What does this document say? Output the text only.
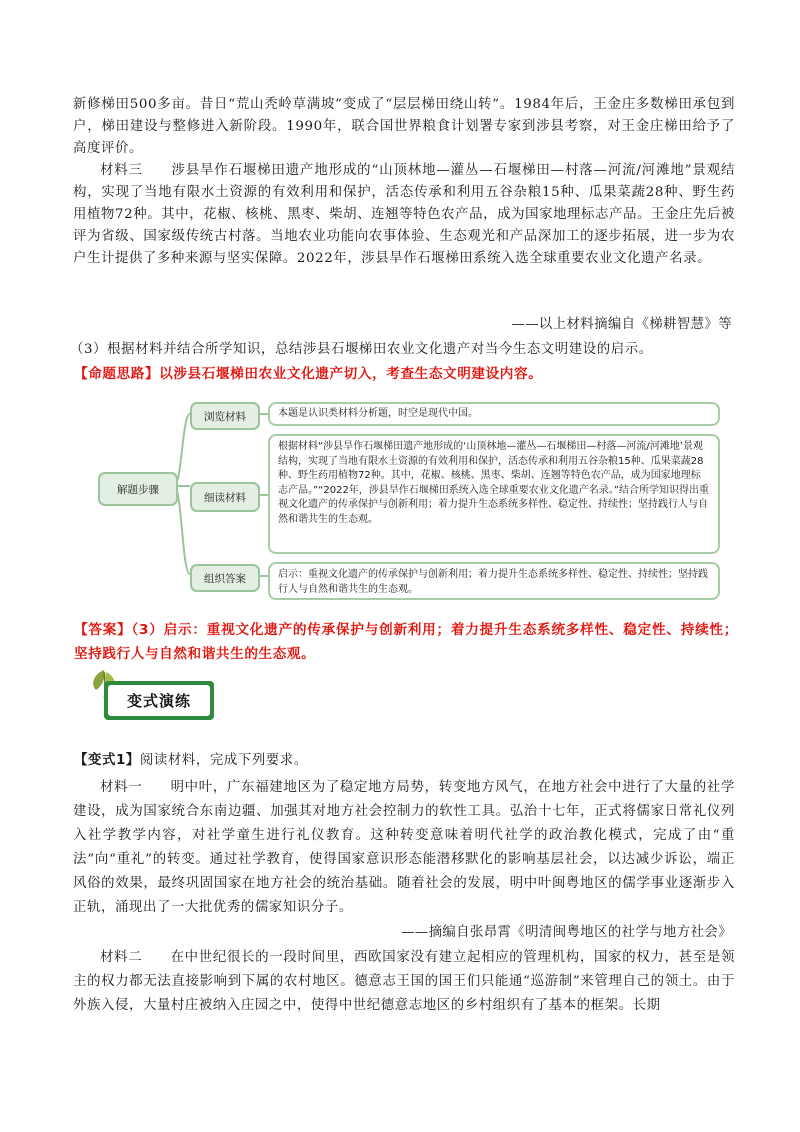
新修梯田500多亩。昔日“荒山秃岭草满坡”变成了“层层梯田绕山转”。1984年后，王金庄多数梯田承包到户，梯田建设与整修进入新阶段。1990年，联合国世界粮食计划署专家到涉县考察，对王金庄梯田给予了高度评价。

材料三　　涉县旱作石堰梯田遗产地形成的“山顶林地—灌丛—石堰梯田—村落—河流/河滩地”景观结构，实现了当地有限水土资源的有效利用和保护，活态传承和利用五谷杂粮15种、瓜果菜蔬28种、野生药用植物72种。其中，花椒、核桃、黑枣、柴胡、连翘等特色农产品，成为国家地理标志产品。王金庄先后被评为省级、国家级传统古村落。当地农业功能向农事体验、生态观光和产品深加工的逐步拓展，进一步为农户生计提供了多种来源与坚实保障。2022年，涉县旱作石堰梯田系统入选全球重要农业文化遗产名录。

——以上材料摘编自《梯耕智慧》等

（3）根据材料并结合所学知识，总结涉县石堰梯田农业文化遗产对当今生态文明建设的启示。

【命题思路】以涉县石堰梯田农业文化遗产切入，考查生态文明建设内容。

解题步骤
浏览材料	本题是认识类材料分析题，时空是现代中国。
细读材料
根据材料“涉县旱作石堰梯田遗产地形成的‘山顶林地—灌丛—石堰梯田—村落—河流/河滩地’景观结构，实现了当地有限水土资源的有效利用和保护，活态传承和利用五谷杂粮15种、瓜果菜蔬28种、野生药用植物72种。其中，花椒、核桃、黑枣、柴胡、连翘等特色农产品，成为国家地理标志产品。”“2022年，涉县旱作石堰梯田系统入选全球重要农业文化遗产名录。”结合所学知识得出重视文化遗产的传承保护与创新利用；着力提升生态系统多样性、稳定性、持续性；坚持践行人与自然和谐共生的生态观。
组织答案	启示：重视文化遗产的传承保护与创新利用；着力提升生态系统多样性、稳定性、持续性；坚持践行人与自然和谐共生的生态观。

【答案】（3）启示：重视文化遗产的传承保护与创新利用；着力提升生态系统多样性、稳定性、持续性；坚持践行人与自然和谐共生的生态观。

变式演练

【变式1】阅读材料，完成下列要求。

材料一　　明中叶，广东福建地区为了稳定地方局势，转变地方风气，在地方社会中进行了大量的社学建设，成为国家统合东南边疆、加强其对地方社会控制力的软性工具。弘治十七年，正式将儒家日常礼仪列入社学教学内容，对社学童生进行礼仪教育。这种转变意味着明代社学的政治教化模式，完成了由“重法”向“重礼”的转变。通过社学教育，使得国家意识形态能潜移默化的影响基层社会，以达减少诉讼，端正风俗的效果，最终巩固国家在地方社会的统治基础。随着社会的发展，明中叶闽粤地区的儒学事业逐渐步入正轨，涌现出了一大批优秀的儒家知识分子。

——摘编自张昂霄《明清闽粤地区的社学与地方社会》

材料二　　在中世纪很长的一段时间里，西欧国家没有建立起相应的管理机构，国家的权力，甚至是领主的权力都无法直接影响到下属的农村地区。德意志王国的国王们只能通“巡游制”来管理自己的领土。由于外族入侵，大量村庄被纳入庄园之中，使得中世纪德意志地区的乡村组织有了基本的框架。长期
